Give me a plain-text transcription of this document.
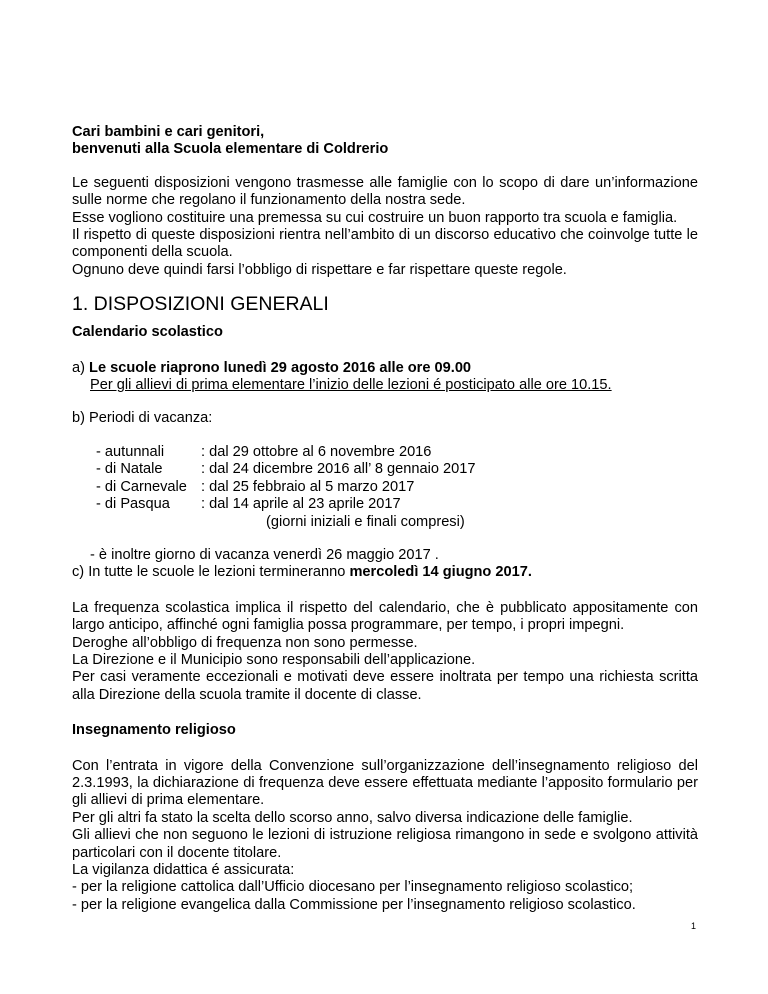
Cari bambini e cari genitori,

benvenuti alla Scuola elementare di Coldrerio

Le seguenti disposizioni vengono trasmesse alle famiglie con lo scopo di dare un’informazione sulle norme che regolano il funzionamento della nostra sede.

Esse vogliono costituire una premessa su cui costruire un buon rapporto tra scuola e famiglia.

Il rispetto di queste disposizioni rientra nell’ambito di un discorso educativo che coinvolge tutte le componenti della scuola.

Ognuno deve quindi farsi l’obbligo di rispettare e far rispettare queste regole.

1. DISPOSIZIONI GENERALI

Calendario scolastico

a) Le scuole riaprono lunedì 29 agosto 2016 alle ore 09.00

Per gli allievi di prima elementare l’inizio delle lezioni é posticipato alle ore 10.15.

b) Periodi di vacanza:

- autunnali	: dal 29 ottobre al 6 novembre 2016

- di Natale	: dal 24 dicembre 2016 all’ 8 gennaio 2017

- di Carnevale : dal 25 febbraio al 5 marzo 2017

- di Pasqua	: dal 14 aprile al 23 aprile 2017

(giorni iniziali e finali compresi)

- è inoltre giorno di vacanza venerdì 26 maggio 2017 .

c) In tutte le scuole le lezioni termineranno mercoledì 14 giugno 2017.

La frequenza scolastica implica il rispetto del calendario, che è pubblicato appositamente con largo anticipo, affinché ogni famiglia possa programmare, per tempo, i propri impegni.

Deroghe all’obbligo di frequenza non sono permesse.

La Direzione e il Municipio sono responsabili dell’applicazione.

Per casi veramente eccezionali e motivati deve essere inoltrata per tempo una richiesta scritta alla Direzione della scuola tramite il docente di classe.

Insegnamento religioso

Con l’entrata in vigore della Convenzione sull’organizzazione dell’insegnamento religioso del 2.3.1993, la dichiarazione di frequenza deve essere effettuata mediante l’apposito formulario per gli allievi di prima elementare.

Per gli altri fa stato la scelta dello scorso anno, salvo diversa indicazione delle famiglie.

Gli allievi che non seguono le lezioni di istruzione religiosa rimangono in sede e svolgono attività particolari con il docente titolare.

La vigilanza didattica é assicurata:

- per la religione cattolica dall’Ufficio diocesano per l’insegnamento religioso scolastico;

- per la religione evangelica dalla Commissione per l’insegnamento religioso scolastico.

1
